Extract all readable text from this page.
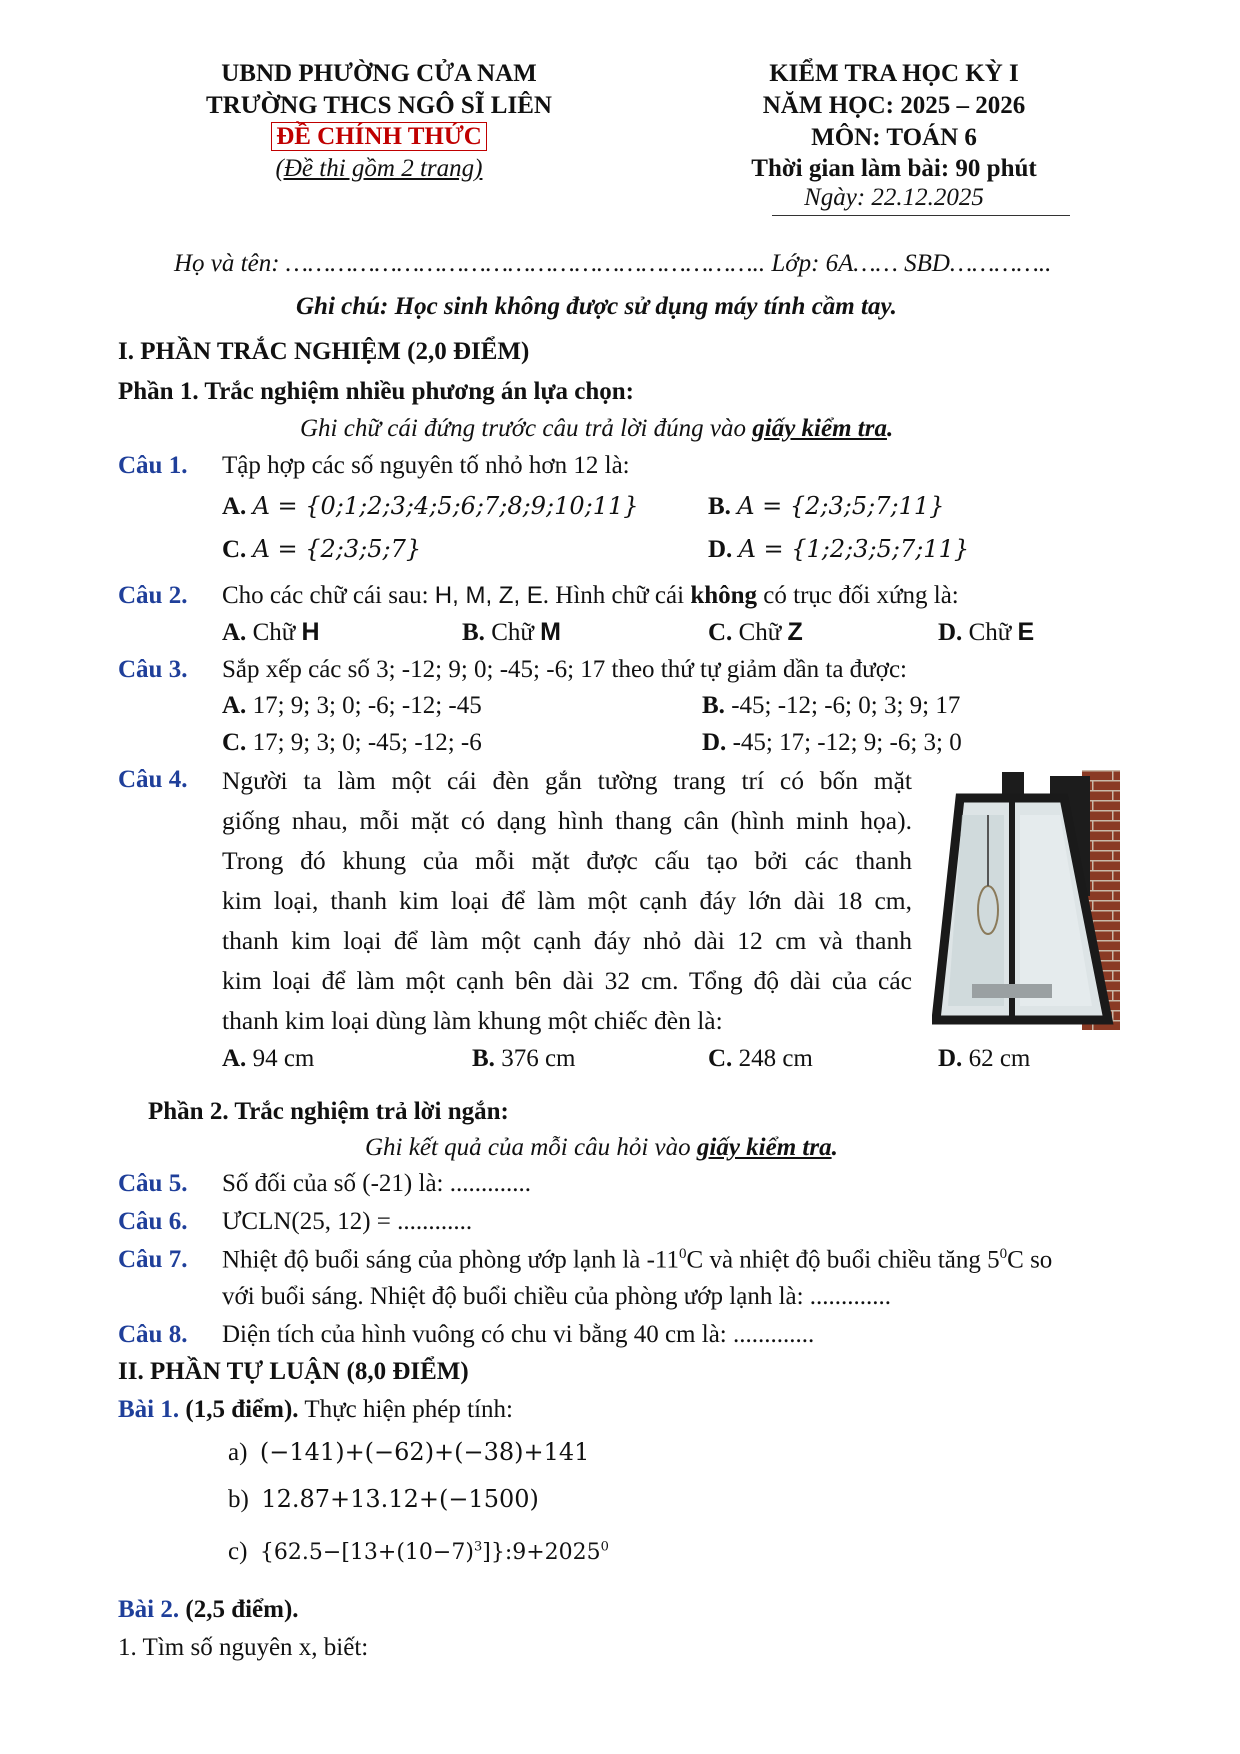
UBND PHƯỜNG CỬA NAM
TRƯỜNG THCS NGÔ SĨ LIÊN
ĐỀ CHÍNH THỨC
(Đề thi gồm 2 trang)
KIỂM TRA HỌC KỲ I
NĂM HỌC: 2025 – 2026
MÔN: TOÁN 6
Thời gian làm bài: 90 phút
Ngày: 22.12.2025
Họ và tên: ……………………………………………………….. Lớp: 6A…… SBD…………..
Ghi chú: Học sinh không được sử dụng máy tính cầm tay.
I. PHẦN TRẮC NGHIỆM (2,0 ĐIỂM)
Phần 1. Trắc nghiệm nhiều phương án lựa chọn:
Ghi chữ cái đứng trước câu trả lời đúng vào giấy kiểm tra.
Câu 1. Tập hợp các số nguyên tố nhỏ hơn 12 là:
A. A = {0;1;2;3;4;5;6;7;8;9;10;11}	B. A = {2;3;5;7;11}
C. A = {2;3;5;7}	D. A = {1;2;3;5;7;11}
Câu 2. Cho các chữ cái sau: H, M, Z, E. Hình chữ cái không có trục đối xứng là:
A. Chữ H	B. Chữ M	C. Chữ Z	D. Chữ E
Câu 3. Sắp xếp các số 3; -12; 9; 0; -45; -6; 17 theo thứ tự giảm dần ta được:
A. 17; 9; 3; 0; -6; -12; -45	B. -45; -12; -6; 0; 3; 9; 17
C. 17; 9; 3; 0; -45; -12; -6	D. -45; 17; -12; 9; -6; 3; 0
Câu 4. Người ta làm một cái đèn gắn tường trang trí có bốn mặt
giống nhau, mỗi mặt có dạng hình thang cân (hình minh họa).
Trong đó khung của mỗi mặt được cấu tạo bởi các thanh
kim loại, thanh kim loại để làm một cạnh đáy lớn dài 18 cm,
thanh kim loại để làm một cạnh đáy nhỏ dài 12 cm và thanh
kim loại để làm một cạnh bên dài 32 cm. Tổng độ dài của các
thanh kim loại dùng làm khung một chiếc đèn là:
A. 94 cm	B. 376 cm	C. 248 cm	D. 62 cm
Phần 2. Trắc nghiệm trả lời ngắn:
Ghi kết quả của mỗi câu hỏi vào giấy kiểm tra.
Câu 5. Số đối của số (-21) là: .............
Câu 6. ƯCLN(25, 12) = ............
Câu 7. Nhiệt độ buổi sáng của phòng ướp lạnh là $-11^0C$ và nhiệt độ buổi chiều tăng $5^0C$ so
với buổi sáng. Nhiệt độ buổi chiều của phòng ướp lạnh là: .............
Câu 8. Diện tích của hình vuông có chu vi bằng 40 cm là: .............
II. PHẦN TỰ LUẬN (8,0 ĐIỂM)
Bài 1. (1,5 điểm). Thực hiện phép tính:
a) (−141)+(−62)+(−38)+141
b) 12.87+13.12+(−1500)
c) $\{62.5-[13+(10-7)^3]\}:9+2025^0$
Bài 2. (2,5 điểm).
1. Tìm số nguyên x, biết:
